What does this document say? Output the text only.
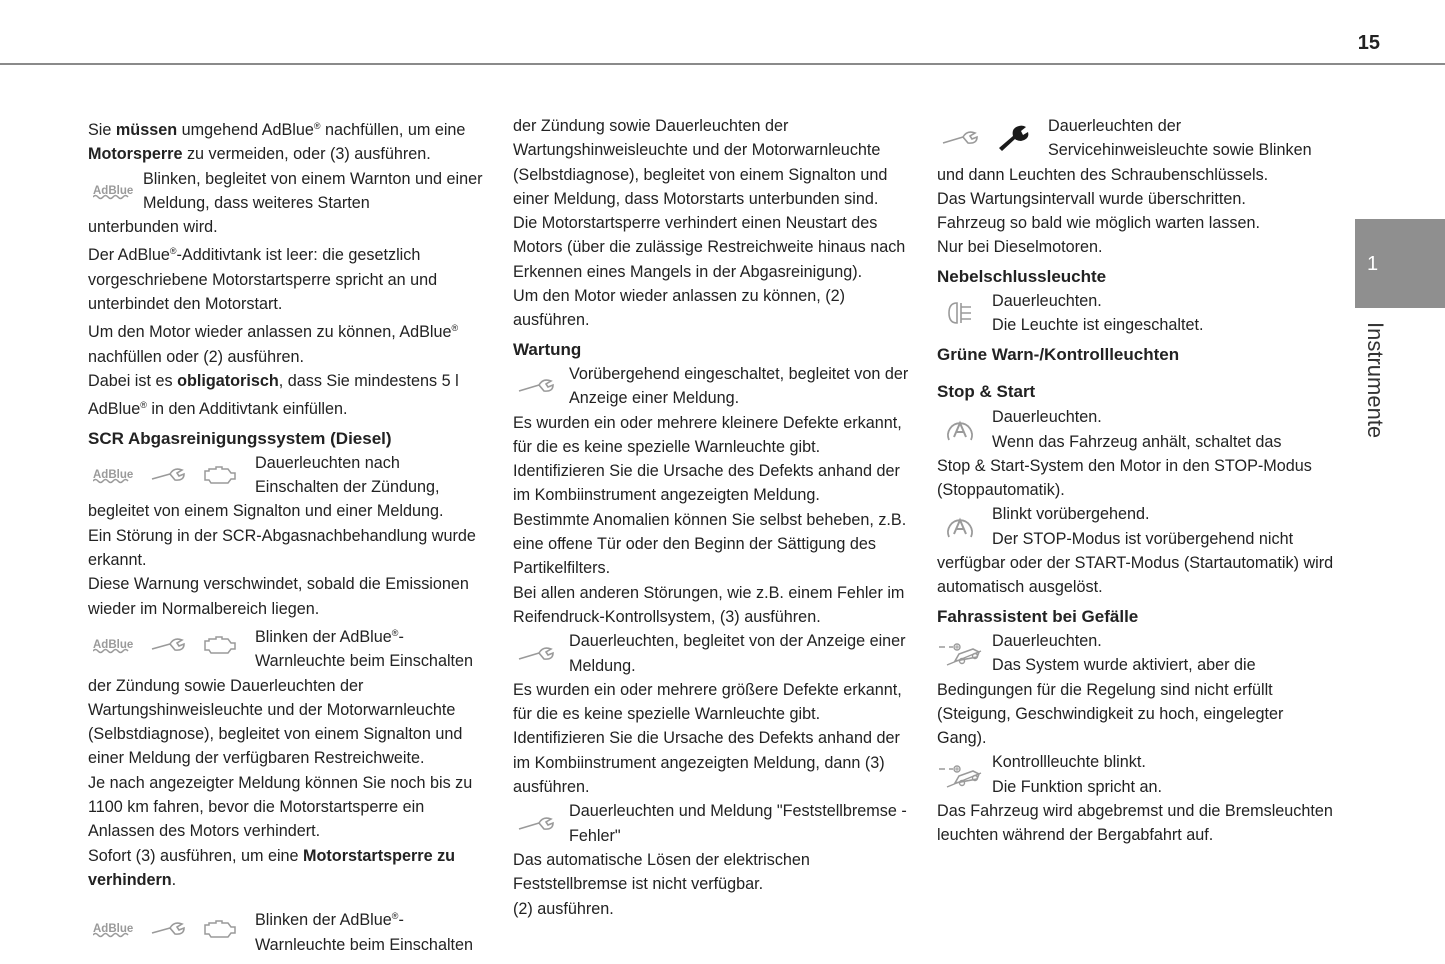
15
1
Instrumente

Sie müssen umgehend AdBlue® nachfüllen, um eine Motorsperre zu vermeiden, oder (3) ausführen.

AdBlue

Blinken, begleitet von einem Warnton und einer Meldung, dass weiteres Starten

unterbunden wird.

Der AdBlue®-Additivtank ist leer: die gesetzlich vorgeschriebene Motorstartsperre spricht an und unterbindet den Motorstart.

Um den Motor wieder anlassen zu können, AdBlue® nachfüllen oder (2) ausführen.

Dabei ist es obligatorisch, dass Sie mindestens 5 l AdBlue® in den Additivtank einfüllen.

SCR Abgasreinigungssystem (Diesel)
AdBlue

Dauerleuchten nach Einschalten der Zündung,

begleitet von einem Signalton und einer Meldung.

Ein Störung in der SCR-Abgasnachbehandlung wurde erkannt.

Diese Warnung verschwindet, sobald die Emissionen wieder im Normalbereich liegen.

AdBlue	Blinken der AdBlue®-Warnleuchte beim Einschalten

der Zündung sowie Dauerleuchten der Wartungshinweisleuchte und der Motorwarnleuchte (Selbstdiagnose), begleitet von einem Signalton und einer Meldung der verfügbaren Restreichweite.

Je nach angezeigter Meldung können Sie noch bis zu 1100 km fahren, bevor die Motorstartsperre ein Anlassen des Motors verhindert.

Sofort (3) ausführen, um eine Motorstartsperre zu verhindern.

AdBlue	Blinken der AdBlue®-Warnleuchte beim Einschalten

der Zündung sowie Dauerleuchten der Wartungshinweisleuchte und der Motorwarnleuchte (Selbstdiagnose), begleitet von einem Signalton und einer Meldung, dass Motorstarts unterbunden sind.

Die Motorstartsperre verhindert einen Neustart des Motors (über die zulässige Restreichweite hinaus nach Erkennen eines Mangels in der Abgasreinigung).

Um den Motor wieder anlassen zu können, (2) ausführen.

Wartung

Vorübergehend eingeschaltet, begleitet von der Anzeige einer Meldung.

Es wurden ein oder mehrere kleinere Defekte erkannt, für die es keine spezielle Warnleuchte gibt.

Identifizieren Sie die Ursache des Defekts anhand der im Kombiinstrument angezeigten Meldung.

Bestimmte Anomalien können Sie selbst beheben, z.B. eine offene Tür oder den Beginn der Sättigung des Partikelfilters.

Bei allen anderen Störungen, wie z.B. einem Fehler im Reifendruck-Kontrollsystem, (3) ausführen.

Dauerleuchten, begleitet von der Anzeige einer Meldung.

Es wurden ein oder mehrere größere Defekte erkannt, für die es keine spezielle Warnleuchte gibt.

Identifizieren Sie die Ursache des Defekts anhand der im Kombiinstrument angezeigten Meldung, dann (3) ausführen.

Dauerleuchten und Meldung "Feststellbremse - Fehler"

Das automatische Lösen der elektrischen Feststellbremse ist nicht verfügbar.

(2) ausführen.

Dauerleuchten der Servicehinweisleuchte sowie Blinken

und dann Leuchten des Schraubenschlüssels.

Das Wartungsintervall wurde überschritten.

Fahrzeug so bald wie möglich warten lassen.

Nur bei Dieselmotoren.

Nebelschlussleuchte

Dauerleuchten.
Die Leuchte ist eingeschaltet.

Grüne Warn-/Kontrollleuchten
Stop & Start

Dauerleuchten.
Wenn das Fahrzeug anhält, schaltet das

Stop & Start-System den Motor in den STOP-Modus (Stoppautomatik).

Blinkt vorübergehend.
Der STOP-Modus ist vorübergehend nicht

verfügbar oder der START-Modus (Startautomatik) wird automatisch ausgelöst.

Fahrassistent bei Gefälle

Dauerleuchten.
Das System wurde aktiviert, aber die

Bedingungen für die Regelung sind nicht erfüllt (Steigung, Geschwindigkeit zu hoch, eingelegter Gang).

Kontrollleuchte blinkt.
Die Funktion spricht an.

Das Fahrzeug wird abgebremst und die Bremsleuchten leuchten während der Bergabfahrt auf.
